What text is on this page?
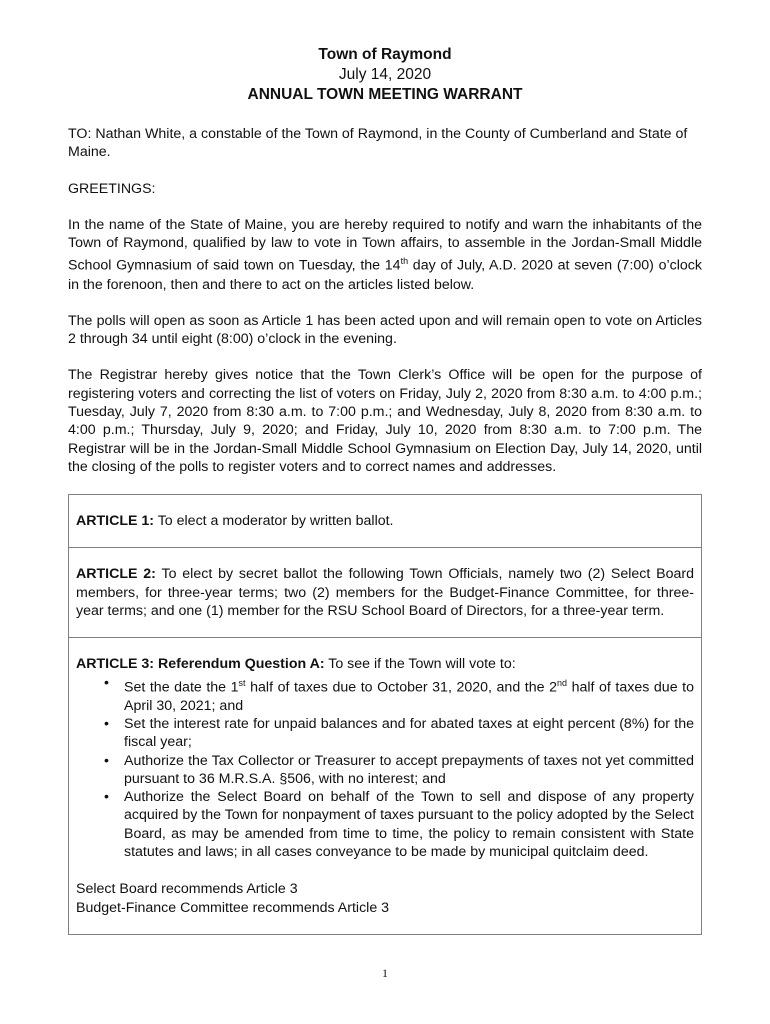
Town of Raymond
July 14, 2020
ANNUAL TOWN MEETING WARRANT

TO: Nathan White, a constable of the Town of Raymond, in the County of Cumberland and State of Maine.

GREETINGS:

In the name of the State of Maine, you are hereby required to notify and warn the inhabitants of the Town of Raymond, qualified by law to vote in Town affairs, to assemble in the Jordan-Small Middle School Gymnasium of said town on Tuesday, the 14th day of July, A.D. 2020 at seven (7:00) o’clock in the forenoon, then and there to act on the articles listed below.

The polls will open as soon as Article 1 has been acted upon and will remain open to vote on Articles 2 through 34 until eight (8:00) o’clock in the evening.

The Registrar hereby gives notice that the Town Clerk’s Office will be open for the purpose of registering voters and correcting the list of voters on Friday, July 2, 2020 from 8:30 a.m. to 4:00 p.m.; Tuesday, July 7, 2020 from 8:30 a.m. to 7:00 p.m.; and Wednesday, July 8, 2020 from 8:30 a.m. to 4:00 p.m.; Thursday, July 9, 2020; and Friday, July 10, 2020 from 8:30 a.m. to 7:00 p.m. The Registrar will be in the Jordan-Small Middle School Gymnasium on Election Day, July 14, 2020, until the closing of the polls to register voters and to correct names and addresses.

ARTICLE 1: To elect a moderator by written ballot.
ARTICLE 2: To elect by secret ballot the following Town Officials, namely two (2) Select Board members, for three-year terms; two (2) members for the Budget-Finance Committee, for three-year terms; and one (1) member for the RSU School Board of Directors, for a three-year term.
ARTICLE 3: Referendum Question A: To see if the Town will vote to:
• Set the date the 1st half of taxes due to October 31, 2020, and the 2nd half of taxes due to April 30, 2021; and
• Set the interest rate for unpaid balances and for abated taxes at eight percent (8%) for the fiscal year;
• Authorize the Tax Collector or Treasurer to accept prepayments of taxes not yet committed pursuant to 36 M.R.S.A. §506, with no interest; and
• Authorize the Select Board on behalf of the Town to sell and dispose of any property acquired by the Town for nonpayment of taxes pursuant to the policy adopted by the Select Board, as may be amended from time to time, the policy to remain consistent with State statutes and laws; in all cases conveyance to be made by municipal quitclaim deed.
Select Board recommends Article 3
Budget-Finance Committee recommends Article 3
1
